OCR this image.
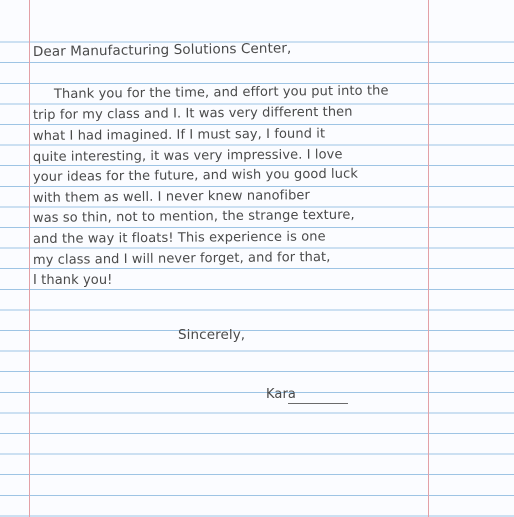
Dear Manufacturing Solutions Center,
Thank you for the time, and effort you put into the
trip for my class and I. It was very different then
what I had imagined. If I must say, I found it
quite interesting, it was very impressive. I love
your ideas for the future, and wish you good luck
with them as well. I never knew nanofiber
was so thin, not to mention, the strange texture,
and the way it floats! This experience is one
my class and I will never forget, and for that,
I thank you!
Sincerely,
Kara
